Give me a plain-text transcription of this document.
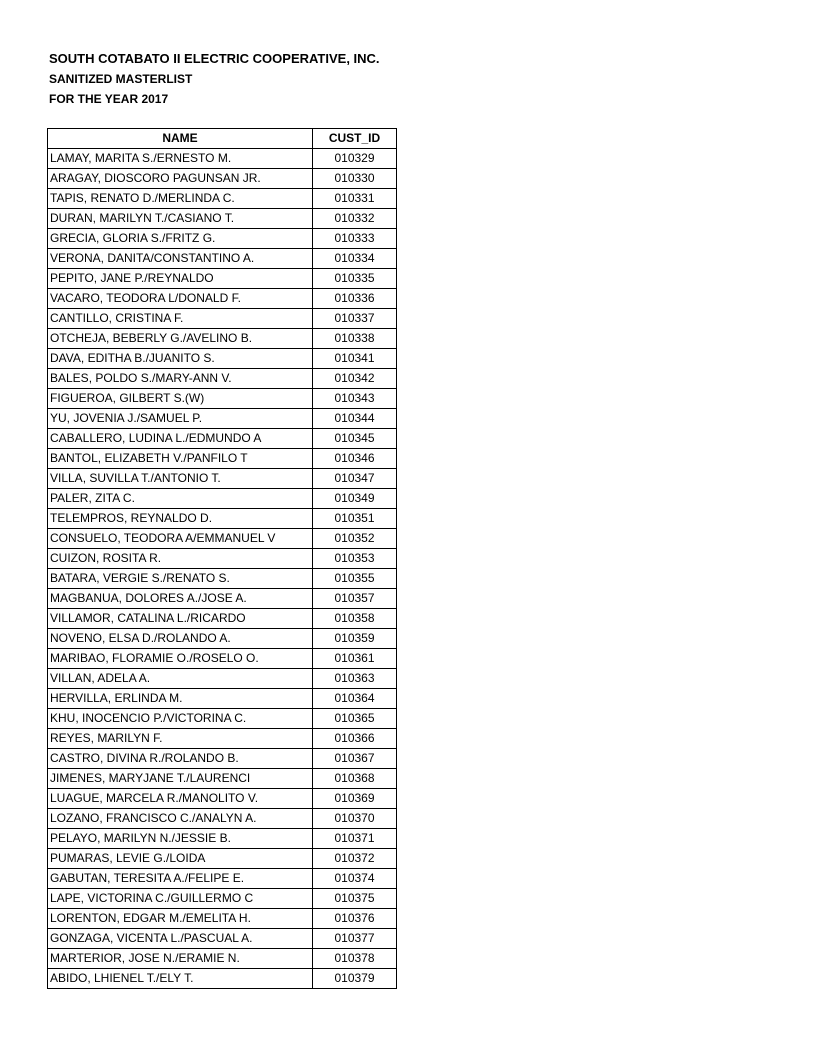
SOUTH COTABATO II ELECTRIC COOPERATIVE, INC.
SANITIZED MASTERLIST
FOR THE YEAR 2017
NAME	CUST_ID
LAMAY, MARITA S./ERNESTO M.	010329
ARAGAY, DIOSCORO PAGUNSAN JR.	010330
TAPIS, RENATO D./MERLINDA C.	010331
DURAN, MARILYN T./CASIANO T.	010332
GRECIA, GLORIA S./FRITZ G.	010333
VERONA, DANITA/CONSTANTINO A.	010334
PEPITO, JANE P./REYNALDO	010335
VACARO, TEODORA L/DONALD F.	010336
CANTILLO, CRISTINA F.	010337
OTCHEJA, BEBERLY G./AVELINO B.	010338
DAVA, EDITHA B./JUANITO S.	010341
BALES, POLDO S./MARY-ANN V.	010342
FIGUEROA, GILBERT S.(W)	010343
YU, JOVENIA J./SAMUEL P.	010344
CABALLERO, LUDINA L./EDMUNDO A	010345
BANTOL, ELIZABETH V./PANFILO T	010346
VILLA, SUVILLA T./ANTONIO T.	010347
PALER, ZITA C.	010349
TELEMPROS, REYNALDO D.	010351
CONSUELO, TEODORA A/EMMANUEL V	010352
CUIZON, ROSITA R.	010353
BATARA, VERGIE S./RENATO S.	010355
MAGBANUA, DOLORES A./JOSE A.	010357
VILLAMOR, CATALINA L./RICARDO	010358
NOVENO, ELSA D./ROLANDO A.	010359
MARIBAO, FLORAMIE O./ROSELO O.	010361
VILLAN, ADELA A.	010363
HERVILLA, ERLINDA M.	010364
KHU, INOCENCIO P./VICTORINA C.	010365
REYES, MARILYN F.	010366
CASTRO, DIVINA R./ROLANDO B.	010367
JIMENES, MARYJANE T./LAURENCI	010368
LUAGUE, MARCELA R./MANOLITO V.	010369
LOZANO, FRANCISCO C./ANALYN A.	010370
PELAYO, MARILYN N./JESSIE B.	010371
PUMARAS, LEVIE G./LOIDA	010372
GABUTAN, TERESITA A./FELIPE E.	010374
LAPE, VICTORINA C./GUILLERMO C	010375
LORENTON, EDGAR M./EMELITA H.	010376
GONZAGA, VICENTA L./PASCUAL A.	010377
MARTERIOR, JOSE N./ERAMIE N.	010378
ABIDO, LHIENEL T./ELY T.	010379
